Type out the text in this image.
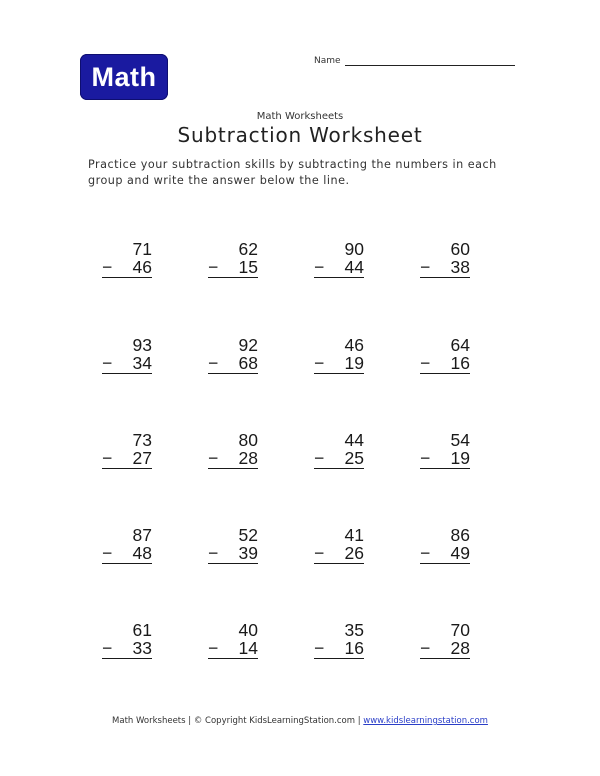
Math
Name
Math Worksheets
Subtraction Worksheet
Practice your subtraction skills by subtracting the numbers in each group and write the answer below the line.
71
− 46
62
− 15
90
− 44
60
− 38
93
− 34
92
− 68
46
− 19
64
− 16
73
− 27
80
− 28
44
− 25
54
− 19
87
− 48
52
− 39
41
− 26
86
− 49
61
− 33
40
− 14
35
− 16
70
− 28
Math Worksheets | © Copyright KidsLearningStation.com | www.kidslearningstation.com
